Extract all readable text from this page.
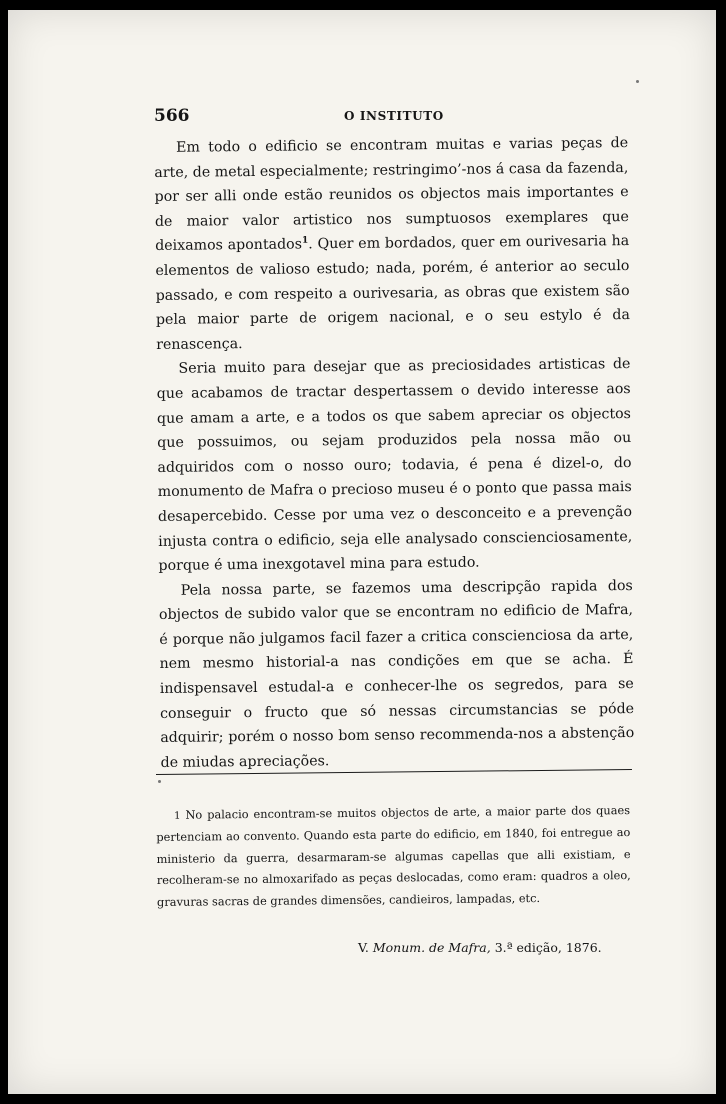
566	O INSTITUTO

Em todo o edificio se encontram muitas e varias peças de arte, de metal especialmente; restringimo’-nos á casa da fazenda, por ser alli onde estão reunidos os objectos mais importantes e de maior valor artistico nos sumptuosos exemplares que deixamos apontados$^1$. Quer em bordados, quer em ourivesaria ha elementos de valioso estudo; nada, porém, é anterior ao seculo passado, e com respeito a ourivesaria, as obras que existem são pela maior parte de origem nacional, e o seu estylo é da renascença.

Seria muito para desejar que as preciosidades artisticas de que acabamos de tractar despertassem o devido interesse aos que amam a arte, e a todos os que sabem apreciar os objectos que possuimos, ou sejam produzidos pela nossa mão ou adquiridos com o nosso ouro; todavia, é pena é dizel-o, do monumento de Mafra o precioso museu é o ponto que passa mais desapercebido. Cesse por uma vez o desconceito e a prevenção injusta contra o edificio, seja elle analysado conscienciosamente, porque é uma inexgotavel mina para estudo.

Pela nossa parte, se fazemos uma descripção rapida dos objectos de subido valor que se encontram no edificio de Mafra, é porque não julgamos facil fazer a critica conscienciosa da arte, nem mesmo historial-a nas condições em que se acha. É indispensavel estudal-a e conhecer-lhe os segredos, para se conseguir o fructo que só nessas circumstancias se póde adquirir; porém o nosso bom senso recommenda-nos a abstenção de miudas apreciações.

1 No palacio encontram-se muitos objectos de arte, a maior parte dos quaes pertenciam ao convento. Quando esta parte do edificio, em 1840, foi entregue ao ministerio da guerra, desarmaram-se algumas capellas que alli existiam, e recolheram-se no almoxarifado as peças deslocadas, como eram: quadros a oleo, gravuras sacras de grandes dimensões, candieiros, lampadas, etc.

V. Monum. de Mafra, 3.ª edição, 1876.
